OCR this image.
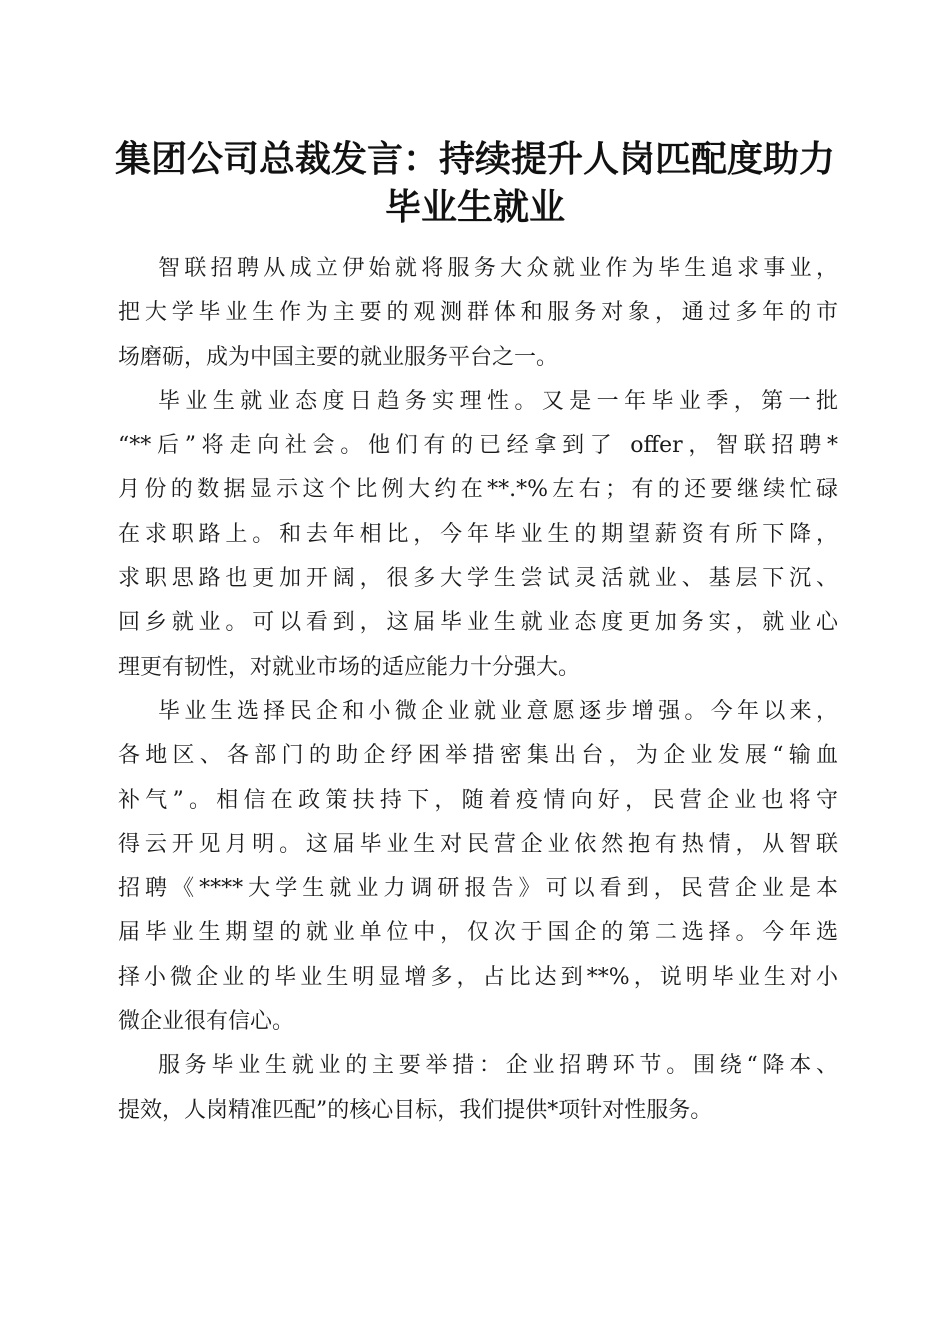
集团公司总裁发言：持续提升人岗匹配度助力
毕业生就业
智联招聘从成立伊始就将服务大众就业作为毕生追求事业，
把大学毕业生作为主要的观测群体和服务对象，通过多年的市
场磨砺，成为中国主要的就业服务平台之一。
毕业生就业态度日趋务实理性。又是一年毕业季，第一批
“**后”将走向社会。他们有的已经拿到了 offer，智联招聘*
月份的数据显示这个比例大约在**.*%左右；有的还要继续忙碌
在求职路上。和去年相比，今年毕业生的期望薪资有所下降，
求职思路也更加开阔，很多大学生尝试灵活就业、基层下沉、
回乡就业。可以看到，这届毕业生就业态度更加务实，就业心
理更有韧性，对就业市场的适应能力十分强大。
毕业生选择民企和小微企业就业意愿逐步增强。今年以来，
各地区、各部门的助企纾困举措密集出台，为企业发展“输血
补气”。相信在政策扶持下，随着疫情向好，民营企业也将守
得云开见月明。这届毕业生对民营企业依然抱有热情，从智联
招聘《****大学生就业力调研报告》可以看到，民营企业是本
届毕业生期望的就业单位中，仅次于国企的第二选择。今年选
择小微企业的毕业生明显增多，占比达到**%，说明毕业生对小
微企业很有信心。
服务毕业生就业的主要举措：企业招聘环节。围绕“降本、
提效，人岗精准匹配”的核心目标，我们提供*项针对性服务。
